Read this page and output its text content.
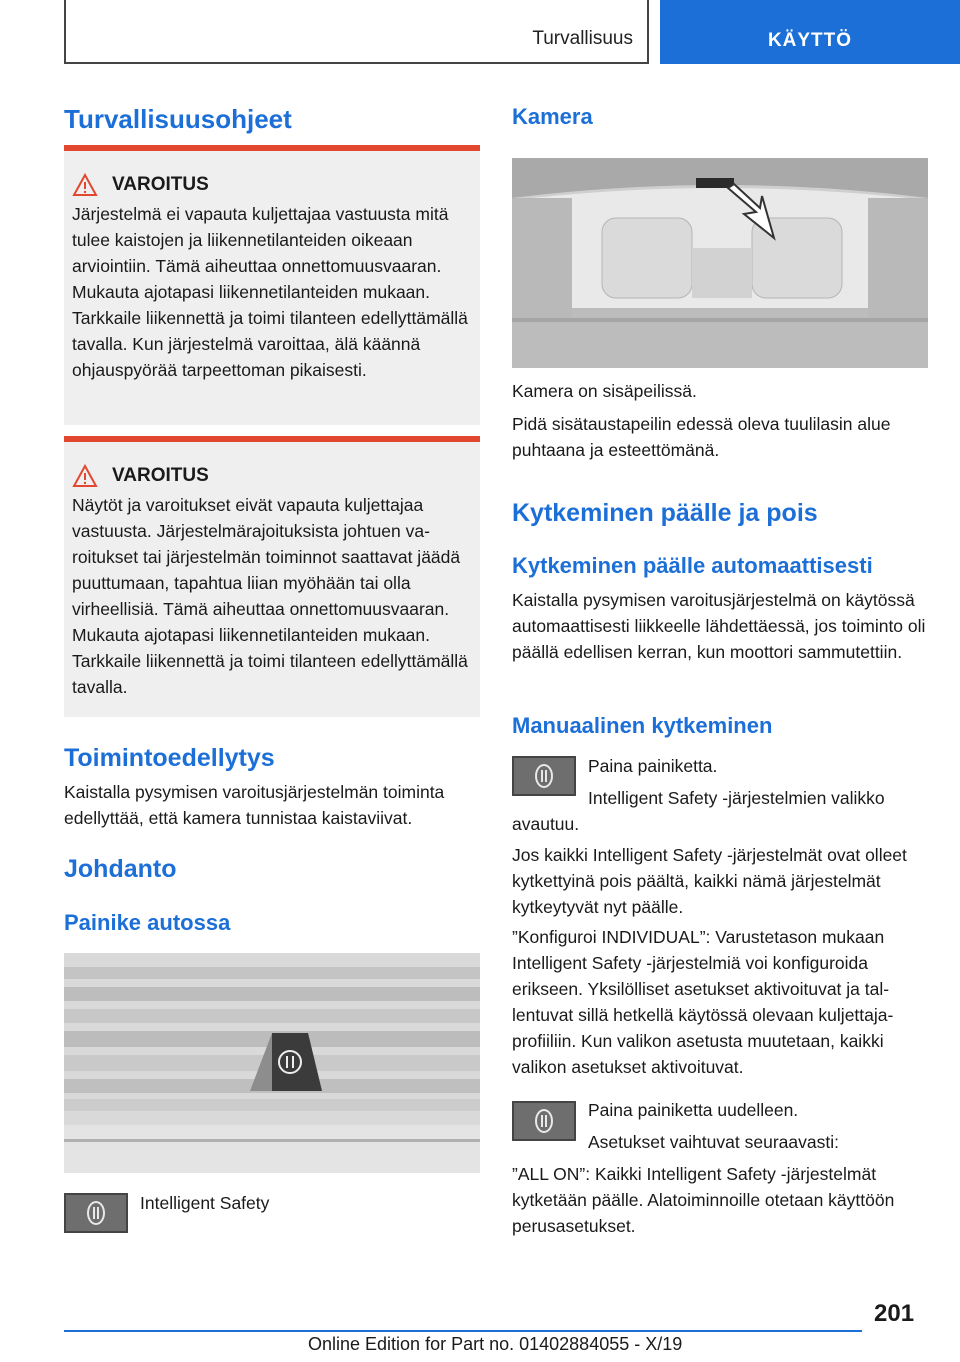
Turvallisuus	KÄYTTÖ
Turvallisuusohjeet
VAROITUS
Järjestelmä ei vapauta kuljettajaa vastuusta mitä tulee kaistojen ja liikennetilanteiden oikeaan arviointiin. Tämä aiheuttaa onnettomuusvaaran. Mukauta ajotapasi liikennetilanteiden mukaan. Tarkkaile liikennettä ja toimi tilanteen edellyttämällä tavalla. Kun järjestelmä varoittaa, älä käännä ohjauspyörää tarpeettoman pikaisesti.
VAROITUS
Näytöt ja varoitukset eivät vapauta kuljettajaa vastuusta. Järjestelmärajoituksista johtuen varoitukset tai järjestelmän toiminnot saattavat jäädä puuttumaan, tapahtua liian myöhään tai olla virheellisiä. Tämä aiheuttaa onnettomuusvaaran. Mukauta ajotapasi liikennetilanteiden mukaan. Tarkkaile liikennettä ja toimi tilanteen edellyttämällä tavalla.
Toimintoedellytys
Kaistalla pysymisen varoitusjärjestelmän toiminta edellyttää, että kamera tunnistaa kaistaviivat.
Johdanto
Painike autossa
Intelligent Safety
Kamera
Kamera on sisäpeilissä.
Pidä sisätaustapeilin edessä oleva tuulilasin alue puhtaana ja esteettömänä.
Kytkeminen päälle ja pois
Kytkeminen päälle automaattisesti
Kaistalla pysymisen varoitusjärjestelmä on käytössä automaattisesti liikkeelle lähdettäessä, jos toiminto oli päällä edellisen kerran, kun moottori sammutettiin.
Manuaalinen kytkeminen
Paina painiketta.
Intelligent Safety -järjestelmien valikko avautuu.
Jos kaikki Intelligent Safety -järjestelmät ovat olleet kytkettyinä pois päältä, kaikki nämä järjestelmät kytkeytyvät nyt päälle.
”Konfiguroi INDIVIDUAL”: Varustetason mukaan Intelligent Safety -järjestelmiä voi konfiguroida erikseen. Yksilölliset asetukset aktivoituvat ja tallentuvat sillä hetkellä käytössä olevaan kuljettajaprofiiliin. Kun valikon asetusta muutetaan, kaikki valikon asetukset aktivoituvat.
Paina painiketta uudelleen.
Asetukset vaihtuvat seuraavasti:
”ALL ON”: Kaikki Intelligent Safety -järjestelmät kytketään päälle. Alatoiminnoille otetaan käyttöön perusasetukset.
201
Online Edition for Part no. 01402884055 - X/19
